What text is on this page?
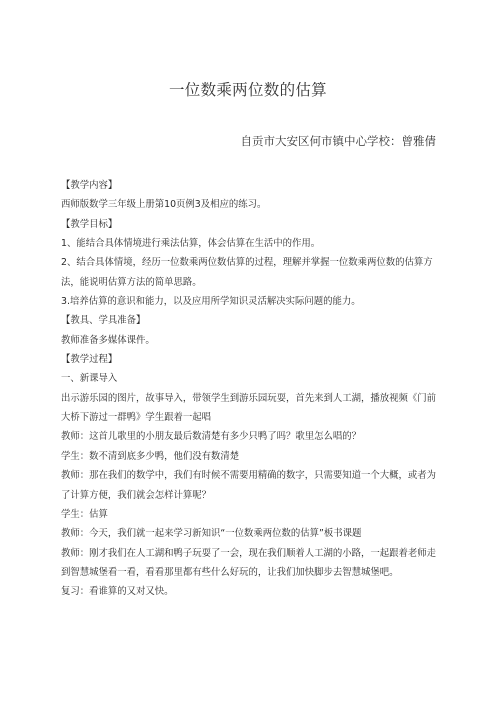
一位数乘两位数的估算
自贡市大安区何市镇中心学校：曾雅倩

【教学内容】

西师版数学三年级上册第10页例3及相应的练习。

【教学目标】

1、能结合具体情境进行乘法估算，体会估算在生活中的作用。

2、结合具体情境，经历一位数乘两位数估算的过程，理解并掌握一位数乘两位数的估算方法，能说明估算方法的简单思路。

3.培养估算的意识和能力，以及应用所学知识灵活解决实际问题的能力。

【教具、学具准备】

教师准备多媒体课件。

【教学过程】

一、新课导入

出示游乐园的图片，故事导入，带领学生到游乐园玩耍，首先来到人工湖，播放视频《门前大桥下游过一群鸭》学生跟着一起唱

教师：这首儿歌里的小朋友最后数清楚有多少只鸭了吗？歌里怎么唱的？

学生：数不清到底多少鸭，他们没有数清楚

教师：那在我们的数学中，我们有时候不需要用精确的数字，只需要知道一个大概，或者为了计算方便，我们就会怎样计算呢？

学生：估算

教师：今天，我们就一起来学习新知识“一位数乘两位数的估算”板书课题

教师：刚才我们在人工湖和鸭子玩耍了一会，现在我们顺着人工湖的小路，一起跟着老师走到智慧城堡看一看，看看那里都有些什么好玩的，让我们加快脚步去智慧城堡吧。

复习：看谁算的又对又快。
